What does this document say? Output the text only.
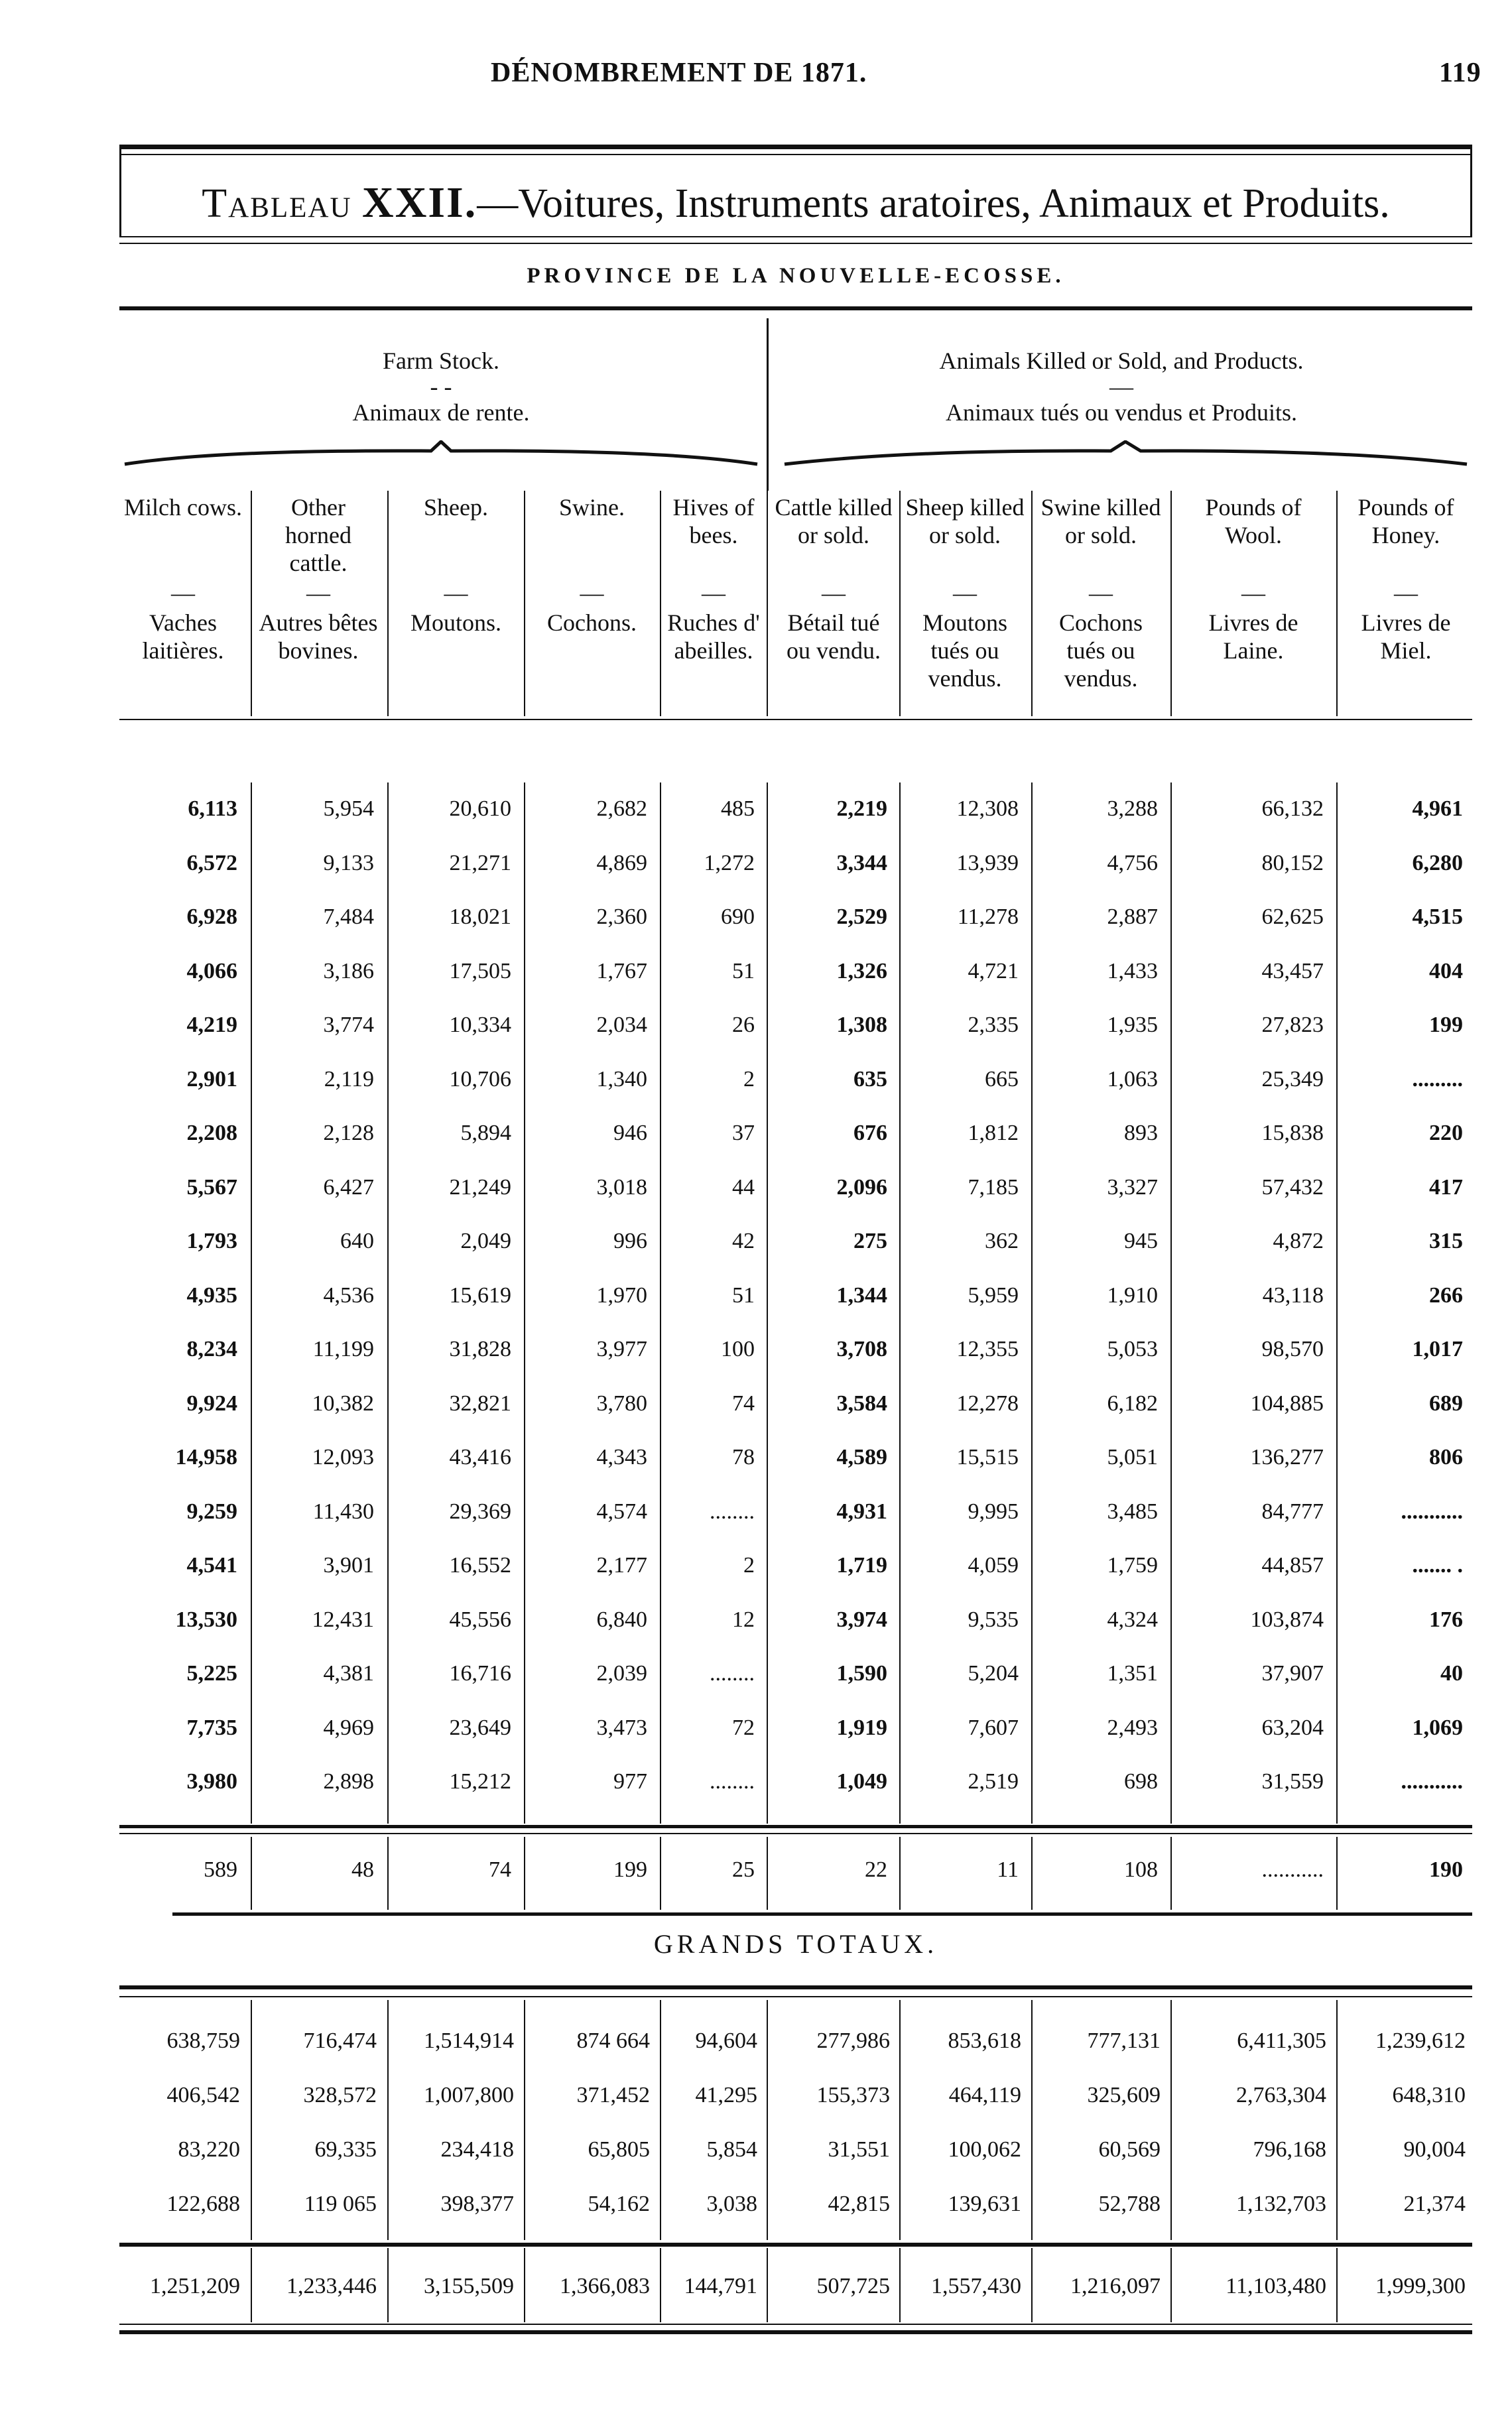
DÉNOMBREMENT DE 1871.	119
Tableau XXII.—Voitures, Instruments aratoires, Animaux et Produits.
PROVINCE DE LA NOUVELLE-ECOSSE.
Farm Stock.
- -
Animaux de rente.
Animals Killed or Sold, and Products.
—
Animaux tués ou vendus et Produits.
Milch cows.
—
Vaches laitières.
Other horned cattle.
—
Autres bêtes bovines.
Sheep.
—
Moutons.
Swine.
—
Cochons.
Hives of bees.
—
Ruches d' abeilles.
Cattle killed or sold.
—
Bétail tué ou vendu.
Sheep killed or sold.
—
Moutons tués ou vendus.
Swine killed or sold.
—
Cochons tués ou vendus.
Pounds of Wool.
—
Livres de Laine.
Pounds of Honey.
—
Livres de Miel.
6,113	5,954	20,610	2,682	485	2,219	12,308	3,288	66,132	4,961
6,572	9,133	21,271	4,869	1,272	3,344	13,939	4,756	80,152	6,280
6,928	7,484	18,021	2,360	690	2,529	11,278	2,887	62,625	4,515
4,066	3,186	17,505	1,767	51	1,326	4,721	1,433	43,457	404
4,219	3,774	10,334	2,034	26	1,308	2,335	1,935	27,823	199
2,901	2,119	10,706	1,340	2	635	665	1,063	25,349	.........
2,208	2,128	5,894	946	37	676	1,812	893	15,838	220
5,567	6,427	21,249	3,018	44	2,096	7,185	3,327	57,432	417
1,793	640	2,049	996	42	275	362	945	4,872	315
4,935	4,536	15,619	1,970	51	1,344	5,959	1,910	43,118	266
8,234	11,199	31,828	3,977	100	3,708	12,355	5,053	98,570	1,017
9,924	10,382	32,821	3,780	74	3,584	12,278	6,182	104,885	689
14,958	12,093	43,416	4,343	78	4,589	15,515	5,051	136,277	806
9,259	11,430	29,369	4,574	........	4,931	9,995	3,485	84,777	...........
4,541	3,901	16,552	2,177	2	1,719	4,059	1,759	44,857	....... .
13,530	12,431	45,556	6,840	12	3,974	9,535	4,324	103,874	176
5,225	4,381	16,716	2,039	........	1,590	5,204	1,351	37,907	40
7,735	4,969	23,649	3,473	72	1,919	7,607	2,493	63,204	1,069
3,980	2,898	15,212	977	........	1,049	2,519	698	31,559	...........
589	48	74	199	25	22	11	108	...........	190
GRANDS TOTAUX.
638,759	716,474	1,514,914	874 664	94,604	277,986	853,618	777,131	6,411,305	1,239,612
406,542	328,572	1,007,800	371,452	41,295	155,373	464,119	325,609	2,763,304	648,310
83,220	69,335	234,418	65,805	5,854	31,551	100,062	60,569	796,168	90,004
122,688	119 065	398,377	54,162	3,038	42,815	139,631	52,788	1,132,703	21,374
1,251,209	1,233,446	3,155,509	1,366,083	144,791	507,725	1,557,430	1,216,097	11,103,480	1,999,300
